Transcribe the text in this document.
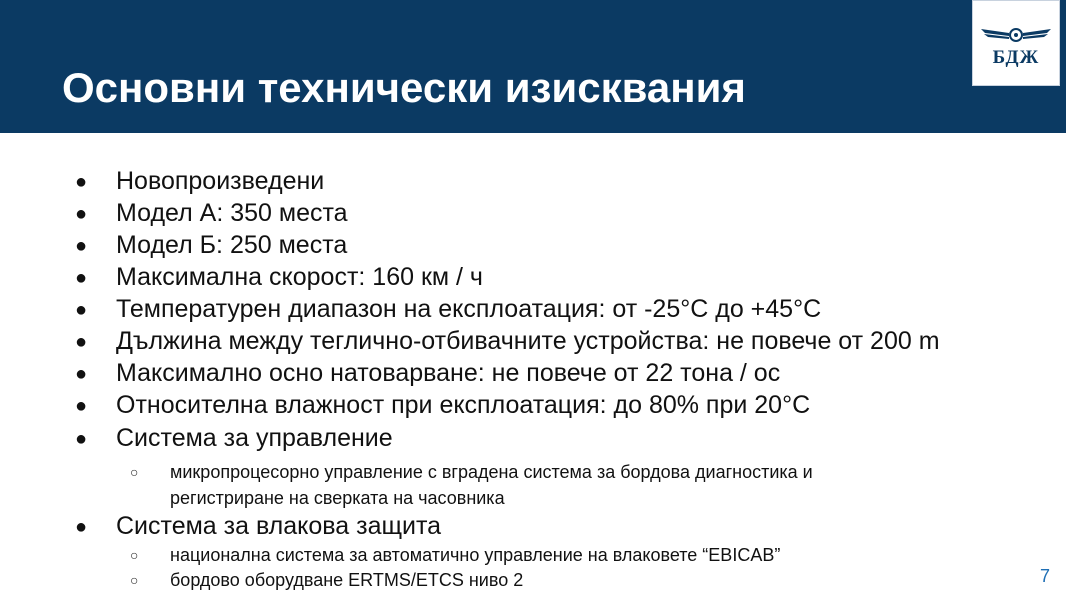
Основни технически изисквания
БДЖ
● Новопроизведени
● Модел А: 350 места
● Модел Б: 250 места
● Максимална скорост: 160 км / ч
● Температурен диапазон на експлоатация: от -25°C до +45°C
● Дължина между теглично-отбивачните устройства: не повече от 200 m
● Максимално осно натоварване: не повече от 22 тона / ос
● Относителна влажност при експлоатация: до 80% при 20°C
● Система за управление
○ микропроцесорно управление с вградена система за бордова диагностика и
регистриране на сверката на часовника
● Система за влакова защита
○ национална система за автоматично управление на влаковете “EBICAB”
○ бордово оборудване ERTMS/ETCS ниво 2	7
